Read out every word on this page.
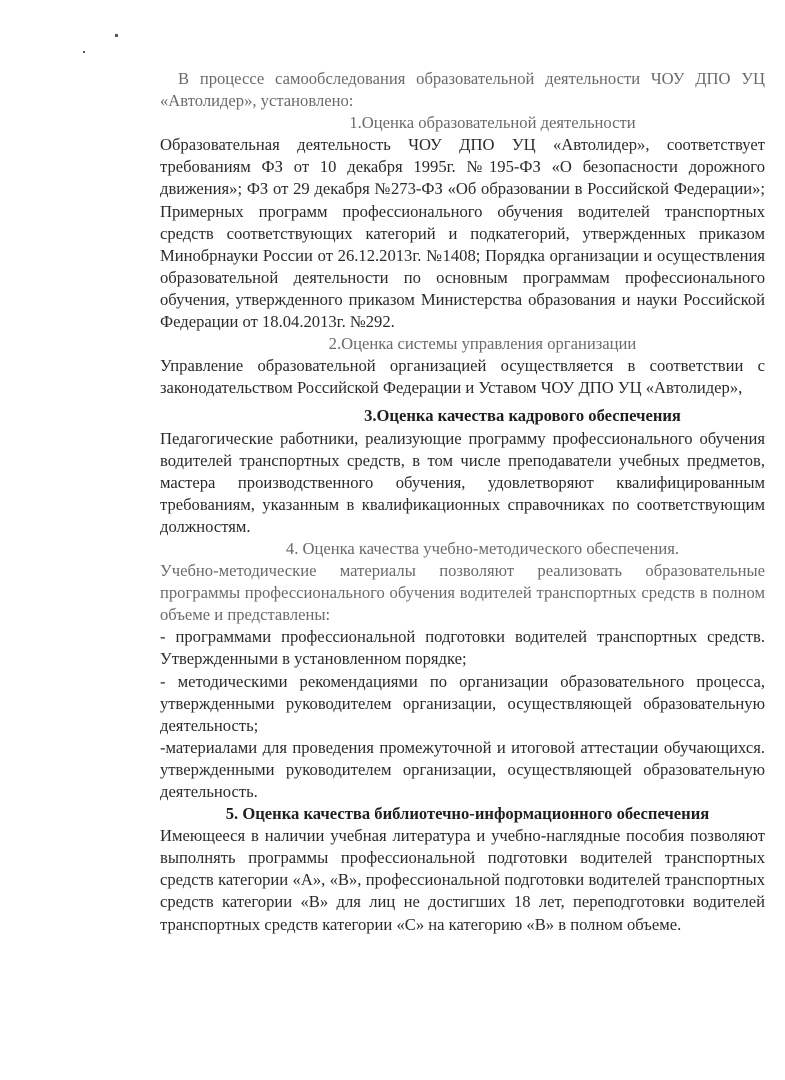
В процессе самообследования образовательной деятельности ЧОУ ДПО УЦ «Автолидер», установлено:

1.Оценка образовательной деятельности

Образовательная деятельность ЧОУ ДПО УЦ «Автолидер», соответствует требованиям ФЗ от 10 декабря 1995г. №195-ФЗ «О безопасности дорожного движения»; ФЗ от 29 декабря №273-ФЗ «Об образовании в Российской Федерации»; Примерных программ профессионального обучения водителей транспортных средств соответствующих категорий и подкатегорий, утвержденных приказом Минобрнауки России от 26.12.2013г. №1408; Порядка организации и осуществления образовательной деятельности по основным программам профессионального обучения, утвержденного приказом Министерства образования и науки Российской Федерации от 18.04.2013г. №292.

2.Оценка системы управления организации

Управление образовательной организацией осуществляется в соответствии с законодательством Российской Федерации и Уставом ЧОУ ДПО УЦ «Автолидер»,

3.Оценка качества кадрового обеспечения

Педагогические работники, реализующие программу профессионального обучения водителей транспортных средств, в том числе преподаватели учебных предметов, мастера производственного обучения, удовлетворяют квалифицированным требованиям, указанным в квалификационных справочниках по соответствующим должностям.

4. Оценка качества учебно-методического обеспечения.

Учебно-методические материалы позволяют реализовать образовательные программы профессионального обучения водителей транспортных средств в полном объеме и представлены:

- программами профессиональной подготовки водителей транспортных средств. Утвержденными в установленном порядке;

- методическими рекомендациями по организации образовательного процесса, утвержденными руководителем организации, осуществляющей образовательную деятельность;

-материалами для проведения промежуточной и итоговой аттестации обучающихся. утвержденными руководителем организации, осуществляющей образовательную деятельность.

5. Оценка качества библиотечно-информационного обеспечения

Имеющееся в наличии учебная литература и учебно-наглядные пособия позволяют выполнять программы профессиональной подготовки водителей транспортных средств категории «А», «В», профессиональной подготовки водителей транспортных средств категории «В» для лиц не достигших 18 лет, переподготовки водителей транспортных средств категории «С» на категорию «В» в полном объеме.
